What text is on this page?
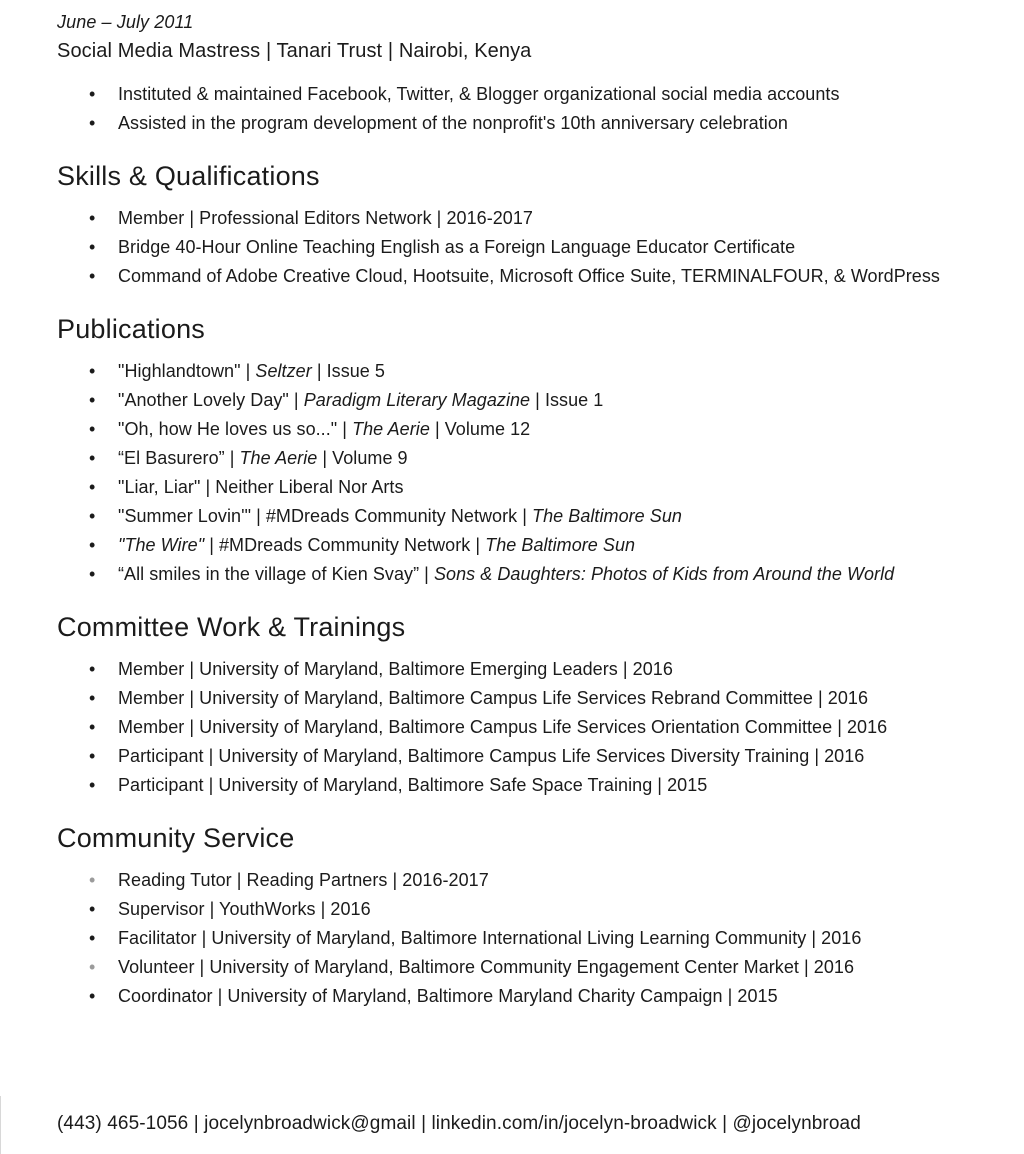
June – July 2011
Social Media Mastress | Tanari Trust | Nairobi, Kenya
•	Instituted & maintained Facebook, Twitter, & Blogger organizational social media accounts
•	Assisted in the program development of the nonprofit's 10th anniversary celebration
Skills & Qualifications
•	Member | Professional Editors Network | 2016-2017
•	Bridge 40-Hour Online Teaching English as a Foreign Language Educator Certificate
•	Command of Adobe Creative Cloud, Hootsuite, Microsoft Office Suite, TERMINALFOUR, & WordPress
Publications
•	"Highlandtown" | Seltzer | Issue 5
•	"Another Lovely Day" | Paradigm Literary Magazine | Issue 1
•	"Oh, how He loves us so..." | The Aerie | Volume 12
•	“El Basurero” | The Aerie | Volume 9
•	"Liar, Liar" | Neither Liberal Nor Arts
•	"Summer Lovin'" | #MDreads Community Network | The Baltimore Sun
•	"The Wire" | #MDreads Community Network | The Baltimore Sun
•	“All smiles in the village of Kien Svay” | Sons & Daughters: Photos of Kids from Around the World
Committee Work & Trainings
•	Member | University of Maryland, Baltimore Emerging Leaders | 2016
•	Member | University of Maryland, Baltimore Campus Life Services Rebrand Committee | 2016
•	Member | University of Maryland, Baltimore Campus Life Services Orientation Committee | 2016
•	Participant | University of Maryland, Baltimore Campus Life Services Diversity Training | 2016
•	Participant | University of Maryland, Baltimore Safe Space Training | 2015
Community Service
•	Reading Tutor | Reading Partners | 2016-2017
•	Supervisor | YouthWorks | 2016
•	Facilitator | University of Maryland, Baltimore International Living Learning Community | 2016
•	Volunteer | University of Maryland, Baltimore Community Engagement Center Market | 2016
•	Coordinator | University of Maryland, Baltimore Maryland Charity Campaign | 2015
(443) 465-1056 | jocelynbroadwick@gmail | linkedin.com/in/jocelyn-broadwick | @jocelynbroad
